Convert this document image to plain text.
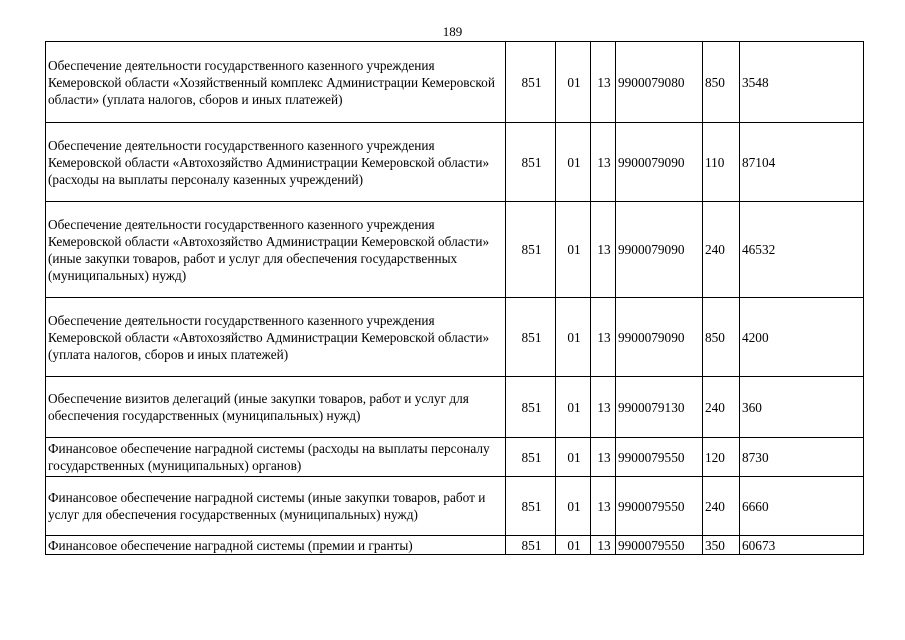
189
Обеспечение деятельности государственного казенного учреждения Кемеровской области «Хозяйственный комплекс Администрации Кемеровской области» (уплата налогов, сборов и иных платежей)	851	01	13	9900079080	850	3548
Обеспечение деятельности государственного казенного учреждения Кемеровской области «Автохозяйство Администрации Кемеровской области» (расходы на выплаты персоналу казенных учреждений)	851	01	13	9900079090	110	87104
Обеспечение деятельности государственного казенного учреждения Кемеровской области «Автохозяйство Администрации Кемеровской области» (иные закупки товаров, работ и услуг для обеспечения государственных (муниципальных) нужд)	851	01	13	9900079090	240	46532
Обеспечение деятельности государственного казенного учреждения Кемеровской области «Автохозяйство Администрации Кемеровской области» (уплата налогов, сборов и иных платежей)	851	01	13	9900079090	850	4200
Обеспечение визитов делегаций (иные закупки товаров, работ и услуг для обеспечения государственных (муниципальных) нужд)	851	01	13	9900079130	240	360
Финансовое обеспечение наградной системы (расходы на выплаты персоналу государственных (муниципальных) органов)	851	01	13	9900079550	120	8730
Финансовое обеспечение наградной системы (иные закупки товаров, работ и услуг для обеспечения государственных (муниципальных) нужд)	851	01	13	9900079550	240	6660
Финансовое обеспечение наградной системы (премии и гранты)	851	01	13	9900079550	350	60673
